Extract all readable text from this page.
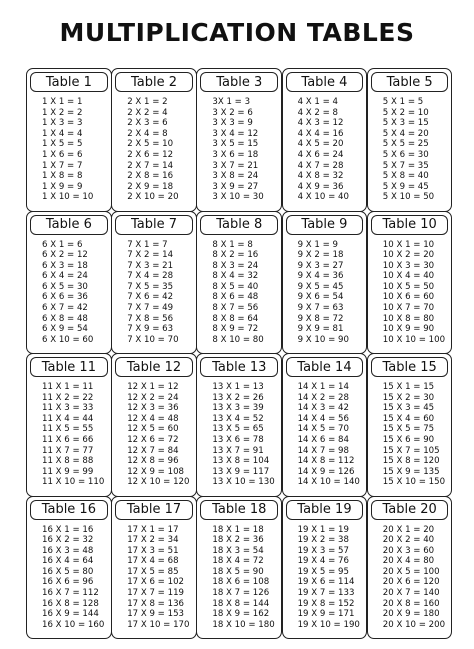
MULTIPLICATION TABLES
Table 1
1 X 1 = 1
1 X 2 = 2
1 X 3 = 3
1 X 4 = 4
1 X 5 = 5
1 X 6 = 6
1 X 7 = 7
1 X 8 = 8
1 X 9 = 9
1 X 10 = 10
Table 2
2 X 1 = 2
2 X 2 = 4
2 X 3 = 6
2 X 4 = 8
2 X 5 = 10
2 X 6 = 12
2 X 7 = 14
2 X 8 = 16
2 X 9 = 18
2 X 10 = 20
Table 3
3X 1 = 3
3 X 2 = 6
3 X 3 = 9
3 X 4 = 12
3 X 5 = 15
3 X 6 = 18
3 X 7 = 21
3 X 8 = 24
3 X 9 = 27
3 X 10 = 30
Table 4
4 X 1 = 4
4 X 2 = 8
4 X 3 = 12
4 X 4 = 16
4 X 5 = 20
4 X 6 = 24
4 X 7 = 28
4 X 8 = 32
4 X 9 = 36
4 X 10 = 40
Table 5
5 X 1 = 5
5 X 2 = 10
5 X 3 = 15
5 X 4 = 20
5 X 5 = 25
5 X 6 = 30
5 X 7 = 35
5 X 8 = 40
5 X 9 = 45
5 X 10 = 50
Table 6
6 X 1 = 6
6 X 2 = 12
6 X 3 = 18
6 X 4 = 24
6 X 5 = 30
6 X 6 = 36
6 X 7 = 42
6 X 8 = 48
6 X 9 = 54
6 X 10 = 60
Table 7
7 X 1 = 7
7 X 2 = 14
7 X 3 = 21
7 X 4 = 28
7 X 5 = 35
7 X 6 = 42
7 X 7 = 49
7 X 8 = 56
7 X 9 = 63
7 X 10 = 70
Table 8
8 X 1 = 8
8 X 2 = 16
8 X 3 = 24
8 X 4 = 32
8 X 5 = 40
8 X 6 = 48
8 X 7 = 56
8 X 8 = 64
8 X 9 = 72
8 X 10 = 80
Table 9
9 X 1 = 9
9 X 2 = 18
9 X 3 = 27
9 X 4 = 36
9 X 5 = 45
9 X 6 = 54
9 X 7 = 63
9 X 8 = 72
9 X 9 = 81
9 X 10 = 90
Table 10
10 X 1 = 10
10 X 2 = 20
10 X 3 = 30
10 X 4 = 40
10 X 5 = 50
10 X 6 = 60
10 X 7 = 70
10 X 8 = 80
10 X 9 = 90
10 X 10 = 100
Table 11
11 X 1 = 11
11 X 2 = 22
11 X 3 = 33
11 X 4 = 44
11 X 5 = 55
11 X 6 = 66
11 X 7 = 77
11 X 8 = 88
11 X 9 = 99
11 X 10 = 110
Table 12
12 X 1 = 12
12 X 2 = 24
12 X 3 = 36
12 X 4 = 48
12 X 5 = 60
12 X 6 = 72
12 X 7 = 84
12 X 8 = 96
12 X 9 = 108
12 X 10 = 120
Table 13
13 X 1 = 13
13 X 2 = 26
13 X 3 = 39
13 X 4 = 52
13 X 5 = 65
13 X 6 = 78
13 X 7 = 91
13 X 8 = 104
13 X 9 = 117
13 X 10 = 130
Table 14
14 X 1 = 14
14 X 2 = 28
14 X 3 = 42
14 X 4 = 56
14 X 5 = 70
14 X 6 = 84
14 X 7 = 98
14 X 8 = 112
14 X 9 = 126
14 X 10 = 140
Table 15
15 X 1 = 15
15 X 2 = 30
15 X 3 = 45
15 X 4 = 60
15 X 5 = 75
15 X 6 = 90
15 X 7 = 105
15 X 8 = 120
15 X 9 = 135
15 X 10 = 150
Table 16
16 X 1 = 16
16 X 2 = 32
16 X 3 = 48
16 X 4 = 64
16 X 5 = 80
16 X 6 = 96
16 X 7 = 112
16 X 8 = 128
16 X 9 = 144
16 X 10 = 160
Table 17
17 X 1 = 17
17 X 2 = 34
17 X 3 = 51
17 X 4 = 68
17 X 5 = 85
17 X 6 = 102
17 X 7 = 119
17 X 8 = 136
17 X 9 = 153
17 X 10 = 170
Table 18
18 X 1 = 18
18 X 2 = 36
18 X 3 = 54
18 X 4 = 72
18 X 5 = 90
18 X 6 = 108
18 X 7 = 126
18 X 8 = 144
18 X 9 = 162
18 X 10 = 180
Table 19
19 X 1 = 19
19 X 2 = 38
19 X 3 = 57
19 X 4 = 76
19 X 5 = 95
19 X 6 = 114
19 X 7 = 133
19 X 8 = 152
19 X 9 = 171
19 X 10 = 190
Table 20
20 X 1 = 20
20 X 2 = 40
20 X 3 = 60
20 X 4 = 80
20 X 5 = 100
20 X 6 = 120
20 X 7 = 140
20 X 8 = 160
20 X 9 = 180
20 X 10 = 200
